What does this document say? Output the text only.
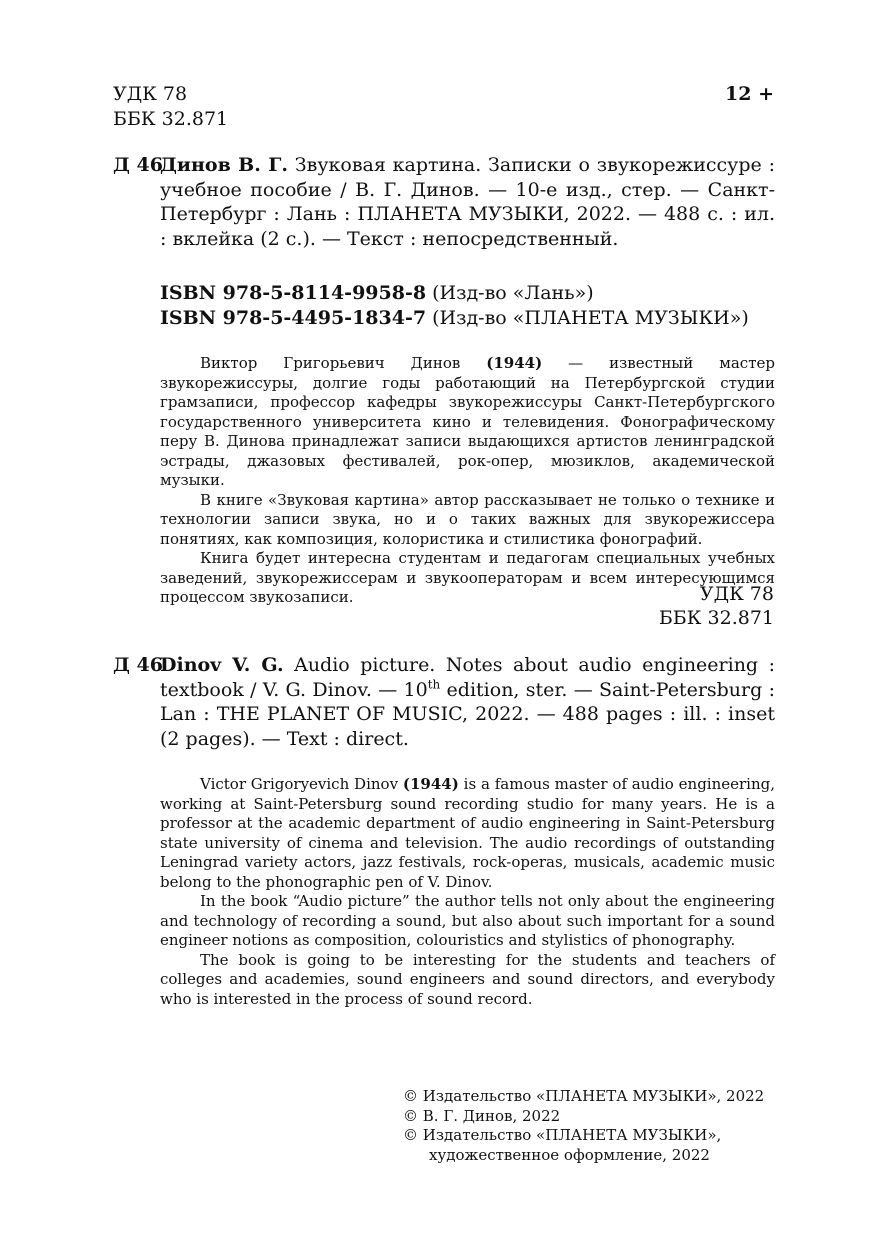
УДК 78
ББК 32.871
12 +
Д 46
Динов В. Г. Звуковая картина. Записки о звукорежиссуре : учебное пособие / В. Г. Динов. — 10-е изд., стер. — Санкт-Петербург : Лань : ПЛАНЕТА МУЗЫКИ, 2022. — 488 с. : ил. : вклейка (2 с.). — Текст : непосредственный.
ISBN 978-5-8114-9958-8 (Изд-во «Лань»)
ISBN 978-5-4495-1834-7 (Изд-во «ПЛАНЕТА МУЗЫКИ»)

Виктор Григорьевич Динов (1944) — известный мастер звукорежиссуры, долгие годы работающий на Петербургской студии грамзаписи, профессор кафедры звукорежиссуры Санкт-Петербургского государственного университета кино и телевидения. Фонографическому перу В. Динова принадлежат записи выдающихся артистов ленинградской эстрады, джазовых фестивалей, рок-опер, мюзиклов, академической музыки.

В книге «Звуковая картина» автор рассказывает не только о технике и технологии записи звука, но и о таких важных для звукорежиссера понятиях, как композиция, колористика и стилистика фонографий.

Книга будет интересна студентам и педагогам специальных учебных заведений, звукорежиссерам и звукооператорам и всем интересующимся процессом звукозаписи.	УДК 78
ББК 32.871
Д 46
Dinov V. G. Audio picture. Notes about audio engineering : textbook / V. G. Dinov. — 10th edition, ster. — Saint-Petersburg : Lan : THE PLANET OF MUSIC, 2022. — 488 pages : ill. : inset (2 pages). — Text : direct.

Victor Grigoryevich Dinov (1944) is a famous master of audio engineering, working at Saint-Petersburg sound recording studio for many years. He is a professor at the academic department of audio engineering in Saint-Petersburg state university of cinema and television. The audio recordings of outstanding Leningrad variety actors, jazz festivals, rock-operas, musicals, academic music belong to the phonographic pen of V. Dinov.

In the book “Audio picture” the author tells not only about the engineering and technology of recording a sound, but also about such important for a sound engineer notions as composition, colouristics and stylistics of phonography.

The book is going to be interesting for the students and teachers of colleges and academies, sound engineers and sound directors, and everybody who is interested in the process of sound record.

© Издательство «ПЛАНЕТА МУЗЫКИ», 2022
© В. Г. Динов, 2022
© Издательство «ПЛАНЕТА МУЗЫКИ»,
художественное оформление, 2022
